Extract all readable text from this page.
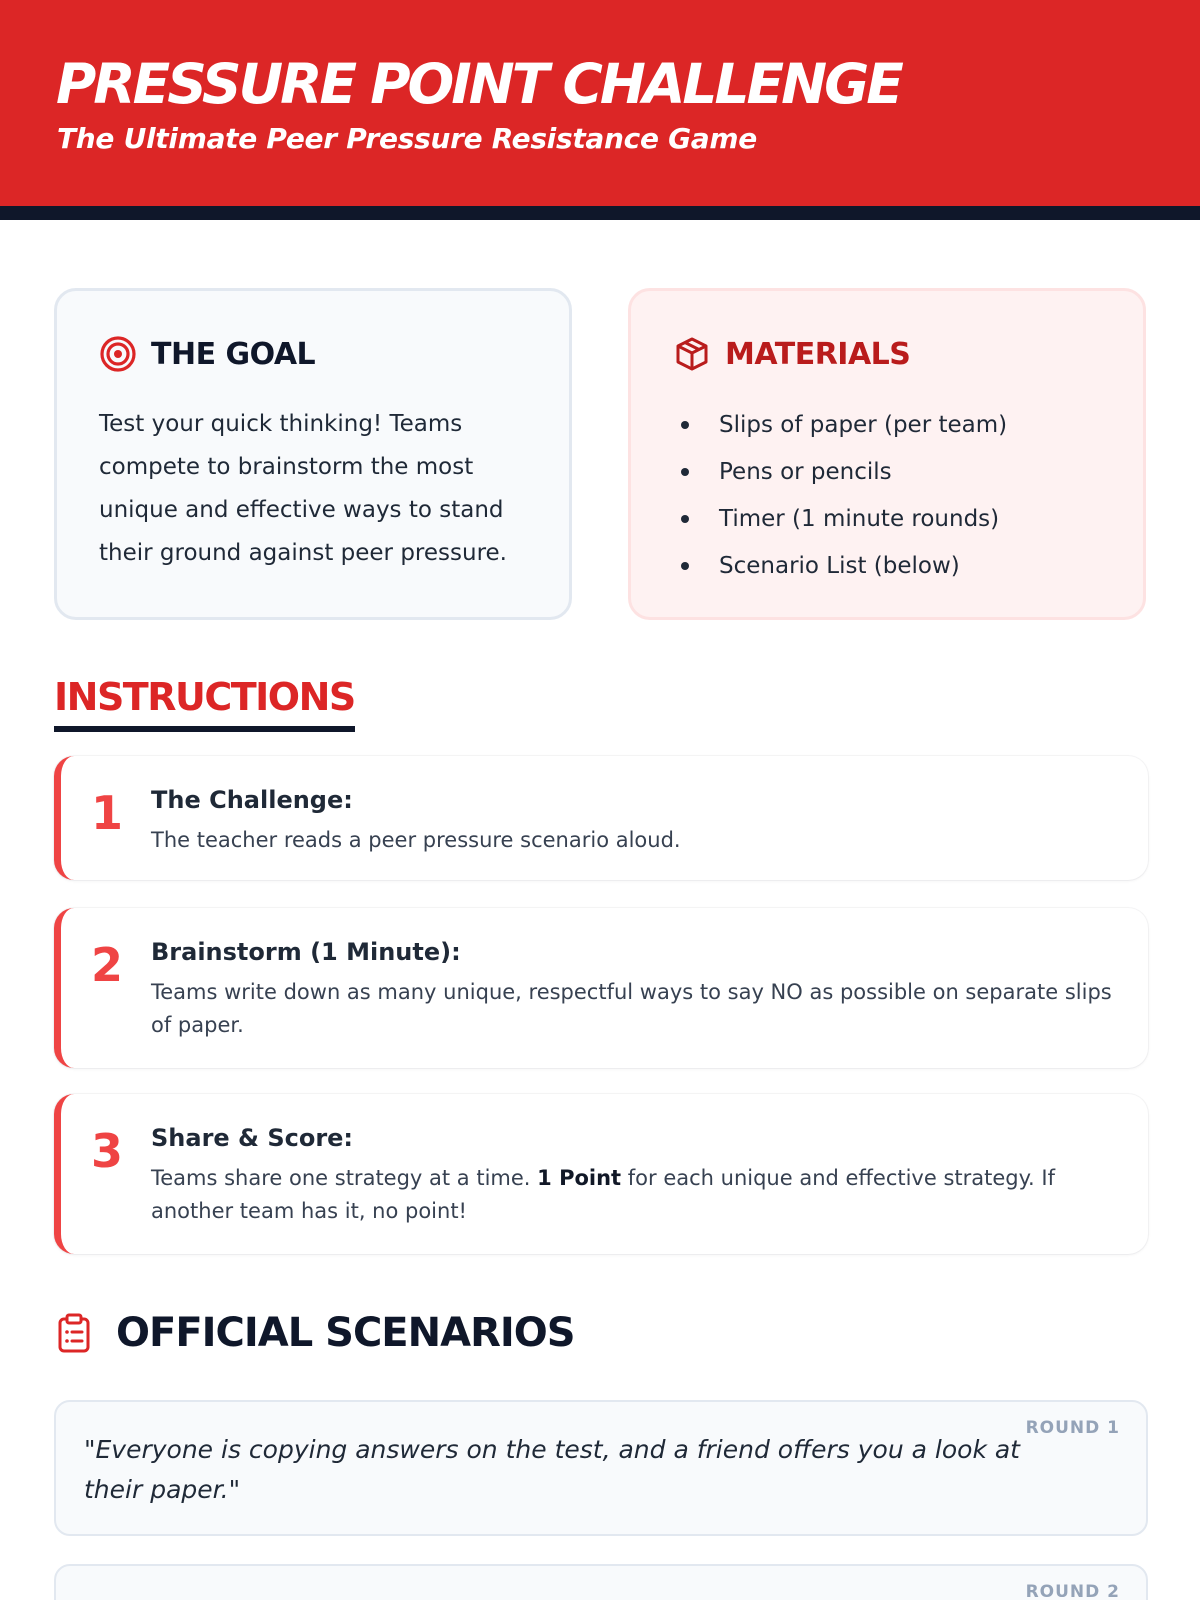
PRESSURE POINT CHALLENGE
The Ultimate Peer Pressure Resistance Game
THE GOAL
Test your quick thinking! Teams compete to brainstorm the most unique and effective ways to stand their ground against peer pressure.
MATERIALS
Slips of paper (per team)
Pens or pencils
Timer (1 minute rounds)
Scenario List (below)
INSTRUCTIONS
1 The Challenge:
The teacher reads a peer pressure scenario aloud.
2 Brainstorm (1 Minute):
Teams write down as many unique, respectful ways to say NO as possible on separate slips of paper.
3 Share & Score:
Teams share one strategy at a time. 1 Point for each unique and effective strategy. If another team has it, no point!
OFFICIAL SCENARIOS
ROUND 1
"Everyone is copying answers on the test, and a friend offers you a look at their paper."
ROUND 2
